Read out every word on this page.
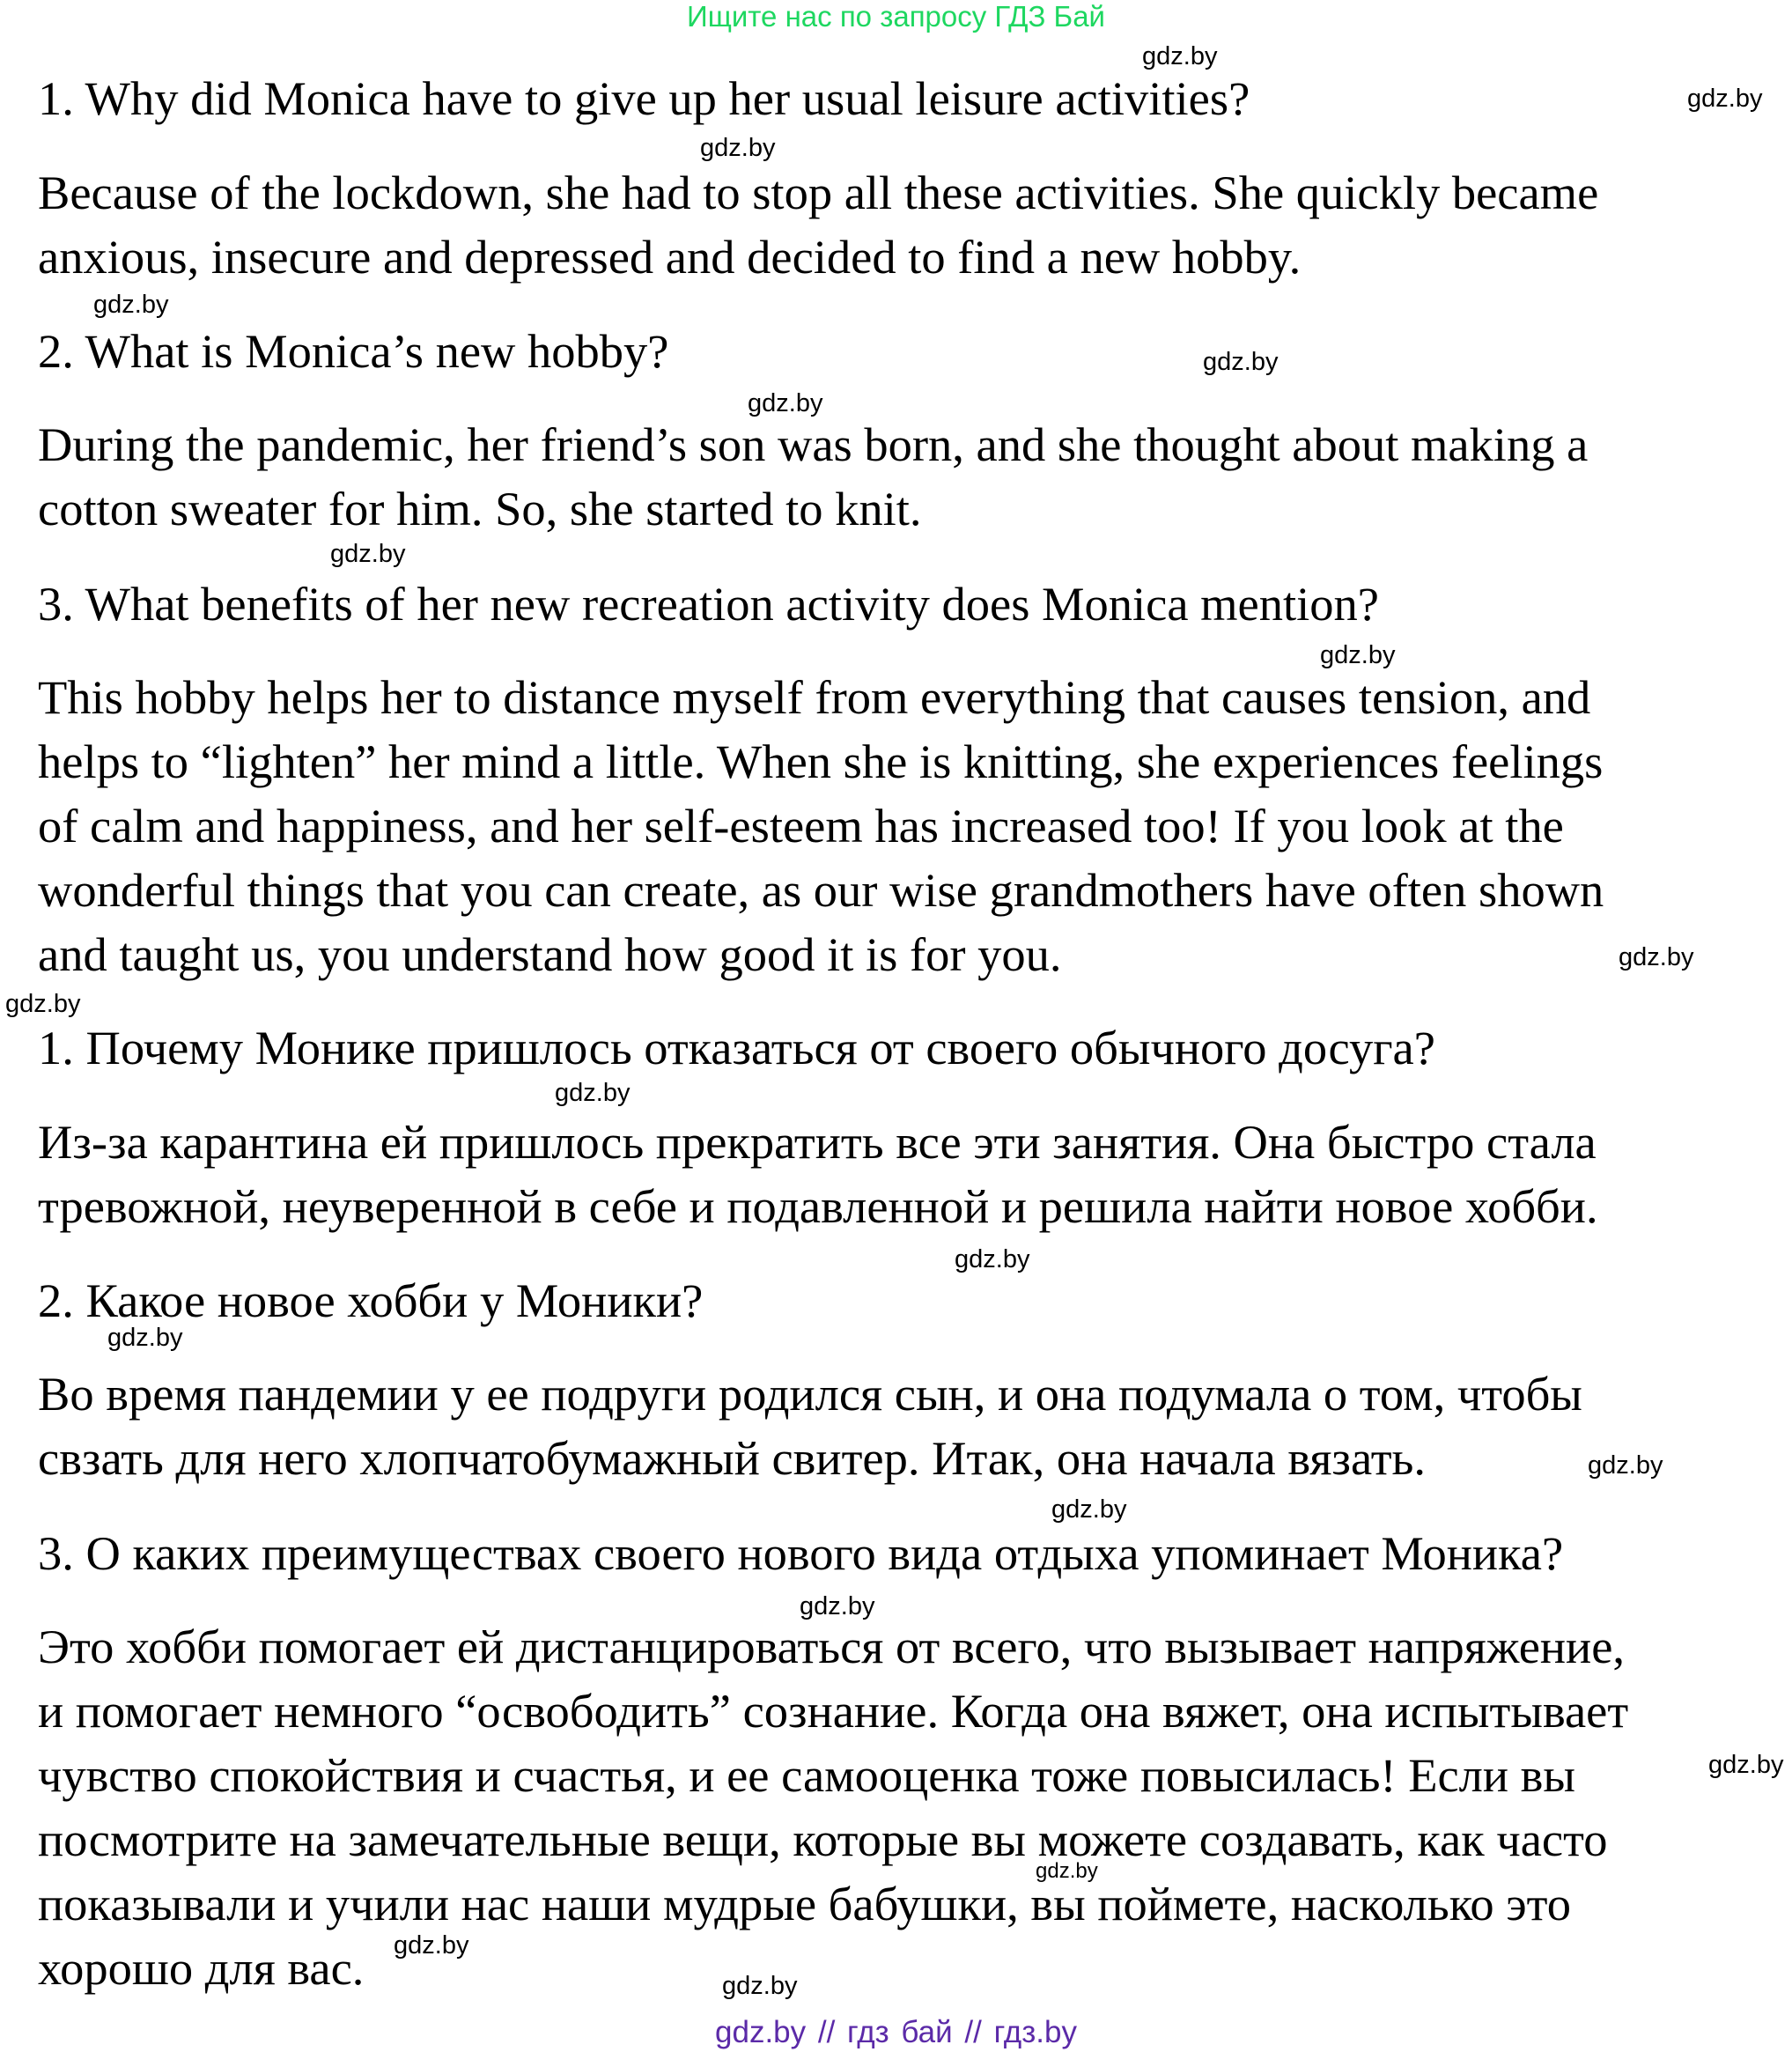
Ищите нас по запросу ГДЗ Бай

1. Why did Monica have to give up her usual leisure activities?

Because of the lockdown, she had to stop all these activities. She quickly became

anxious, insecure and depressed and decided to find a new hobby.

2. What is Monica’s new hobby?

During the pandemic, her friend’s son was born, and she thought about making a

cotton sweater for him. So, she started to knit.

3. What benefits of her new recreation activity does Monica mention?

This hobby helps her to distance myself from everything that causes tension, and

helps to “lighten” her mind a little. When she is knitting, she experiences feelings

of calm and happiness, and her self-esteem has increased too! If you look at the

wonderful things that you can create, as our wise grandmothers have often shown

and taught us, you understand how good it is for you.

1. Почему Монике пришлось отказаться от своего обычного досуга?

Из-за карантина ей пришлось прекратить все эти занятия. Она быстро стала

тревожной, неуверенной в себе и подавленной и решила найти новое хобби.

2. Какое новое хобби у Моники?

Во время пандемии у ее подруги родился сын, и она подумала о том, чтобы

свзать для него хлопчатобумажный свитер. Итак, она начала вязать.

3. О каких преимуществах своего нового вида отдыха упоминает Моника?

Это хобби помогает ей дистанцироваться от всего, что вызывает напряжение,

и помогает немного “освободить” сознание. Когда она вяжет, она испытывает

чувство спокойствия и счастья, и ее самооценка тоже повысилась! Если вы

посмотрите на замечательные вещи, которые вы можете создавать, как часто

показывали и учили нас наши мудрые бабушки, вы поймете, насколько это

хорошо для вас.

gdz.by
gdz.by
gdz.by
gdz.by
gdz.by
gdz.by
gdz.by
gdz.by
gdz.by
gdz.by
gdz.by
gdz.by
gdz.by
gdz.by
gdz.by
gdz.by
gdz.by
gdz.by
gdz.by
gdz.by
gdz.by // гдз бай // гдз.by
